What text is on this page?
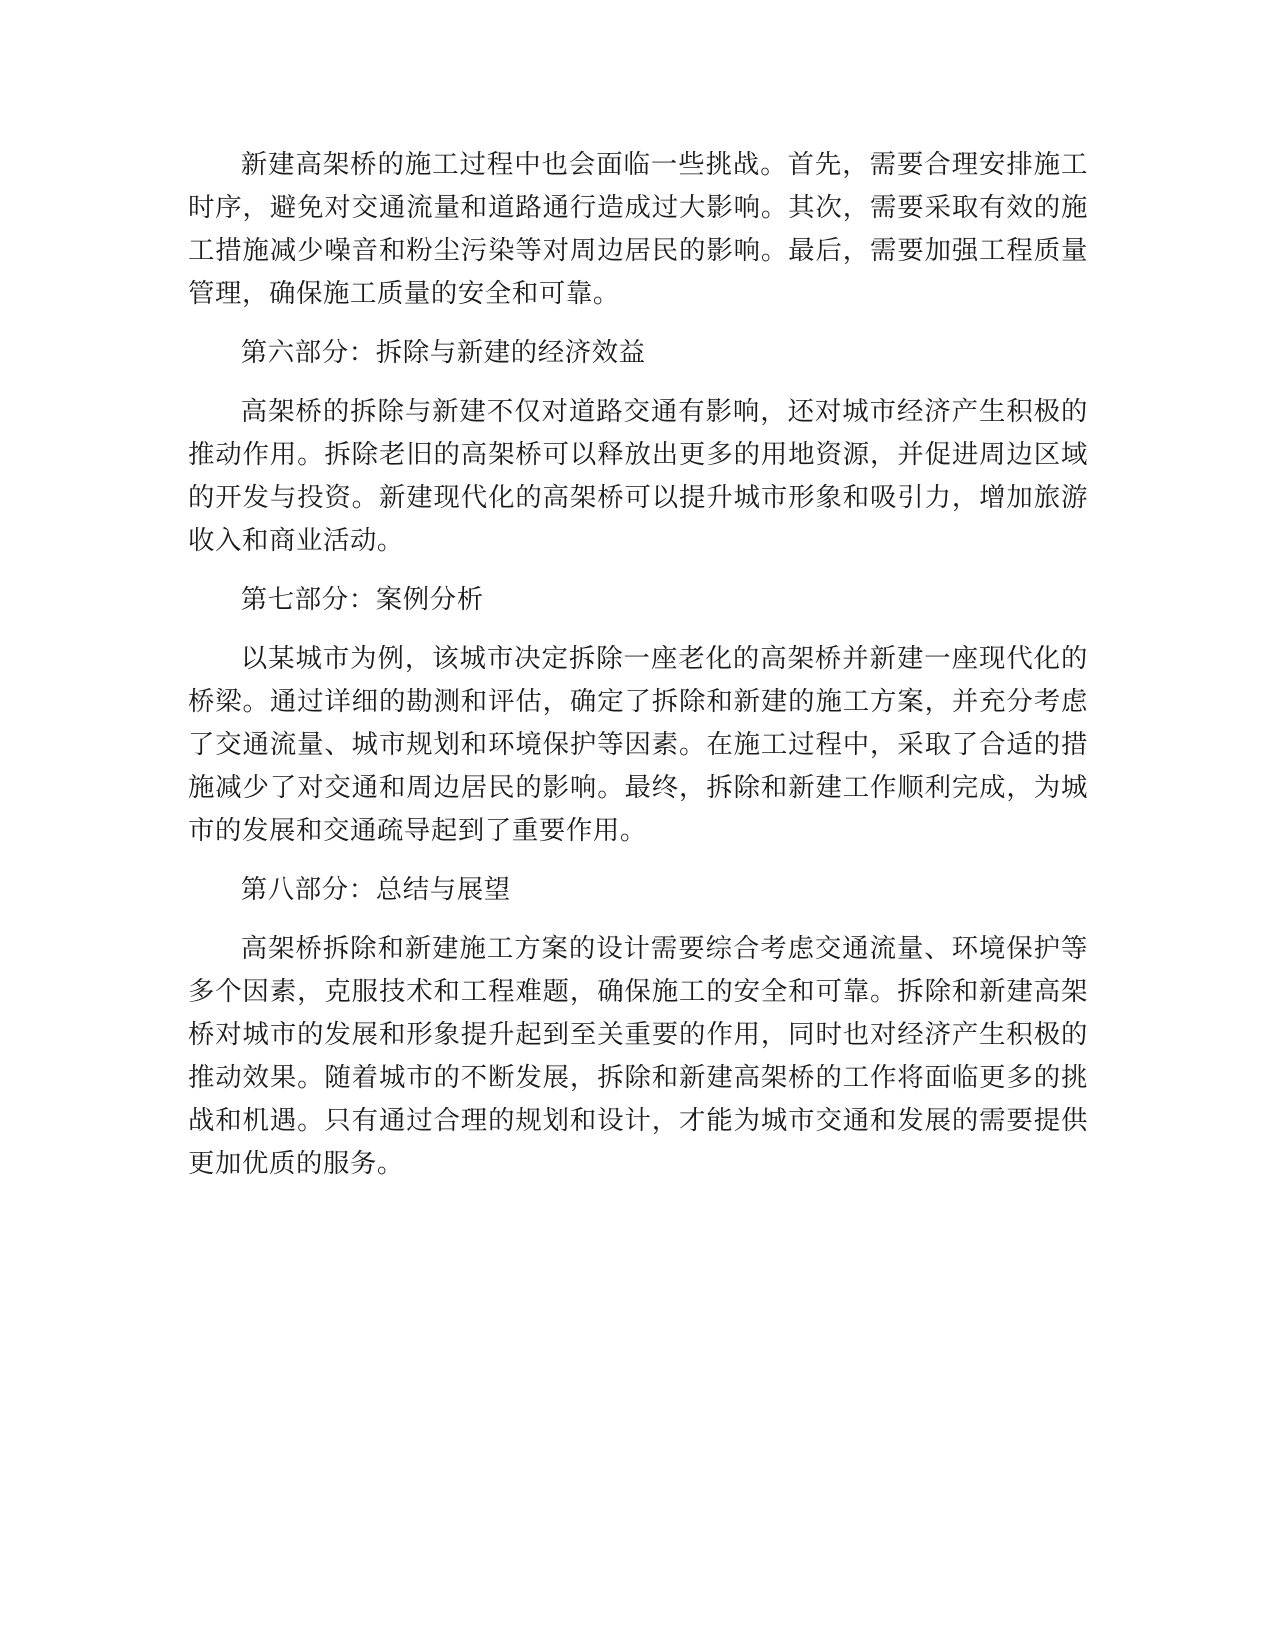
新建高架桥的施工过程中也会面临一些挑战。首先，需要合理安排施工时序，避免对交通流量和道路通行造成过大影响。其次，需要采取有效的施工措施减少噪音和粉尘污染等对周边居民的影响。最后，需要加强工程质量管理，确保施工质量的安全和可靠。

第六部分：拆除与新建的经济效益

高架桥的拆除与新建不仅对道路交通有影响，还对城市经济产生积极的推动作用。拆除老旧的高架桥可以释放出更多的用地资源，并促进周边区域的开发与投资。新建现代化的高架桥可以提升城市形象和吸引力，增加旅游收入和商业活动。

第七部分：案例分析

以某城市为例，该城市决定拆除一座老化的高架桥并新建一座现代化的桥梁。通过详细的勘测和评估，确定了拆除和新建的施工方案，并充分考虑了交通流量、城市规划和环境保护等因素。在施工过程中，采取了合适的措施减少了对交通和周边居民的影响。最终，拆除和新建工作顺利完成，为城市的发展和交通疏导起到了重要作用。

第八部分：总结与展望

高架桥拆除和新建施工方案的设计需要综合考虑交通流量、环境保护等多个因素，克服技术和工程难题，确保施工的安全和可靠。拆除和新建高架桥对城市的发展和形象提升起到至关重要的作用，同时也对经济产生积极的推动效果。随着城市的不断发展，拆除和新建高架桥的工作将面临更多的挑战和机遇。只有通过合理的规划和设计，才能为城市交通和发展的需要提供更加优质的服务。
